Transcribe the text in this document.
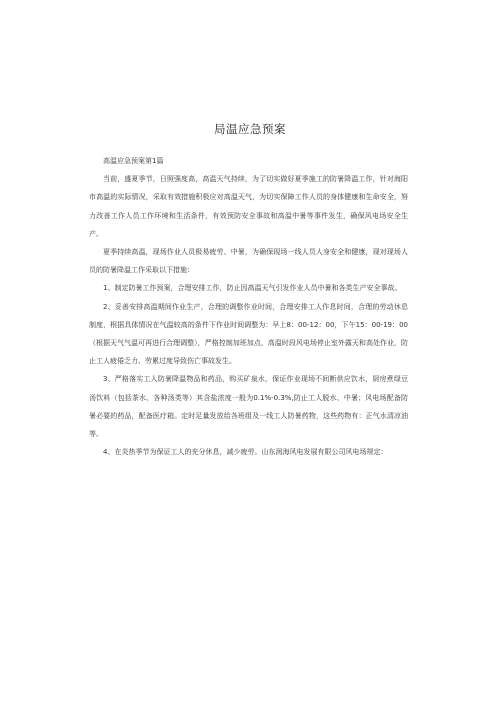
局温应急预案

高温应急预案第1篇

当前，盛夏季节，日照强度高，高温天气持续，为了切实做好夏季施工的防暑降温工作，针对海阳市高温的实际情况，采取有效措施积极应对高温天气，为切实保障工作人员的身体健康和生命安全，努力改善工作人员工作环境和生活条件，有效预防安全事故和高温中暑等事件发生，确保风电场安全生产。

夏季持续高温，现场作业人员极易疲劳、中暑，为确保现场一线人员人身安全和健康，现对现场人员的防暑降温工作采取以下措施：

1、制定防暑工作预案，合理安排工作，防止因高温天气引发作业人员中暑和各类生产安全事故。

2、妥善安排高温期间作业生产，合理的调整作业时间，合理安排工人作息时间，合理的劳动休息制度，根据具体情况在气温较高的条件下作业时间调整为：早上8：00-12：00，下午15：00-19：00（根据天气气温可再进行合理调整），严格控制加班加点，高温时段风电场停止室外露天和高处作业，防止工人疲倦乏力、劳累过度导致伤亡事故发生。

3、严格落实工人防暑降温物品和药品，购买矿泉水，保证作业现场不间断供应饮水，厨房煮绿豆汤饮料（包括茶水、各种汤类等）其含盐浓度一般为0.1%-0.3%,防止工人脱水、中暑；风电场配备防暑必要的药品，配备医疗箱。定时足量发放给各班组及一线工人防暑药物，这些药物有：正气水清凉油等。

4、在炎热季节为保证工人的充分休息，减少疲劳。山东润海风电发展有限公司风电场规定：
